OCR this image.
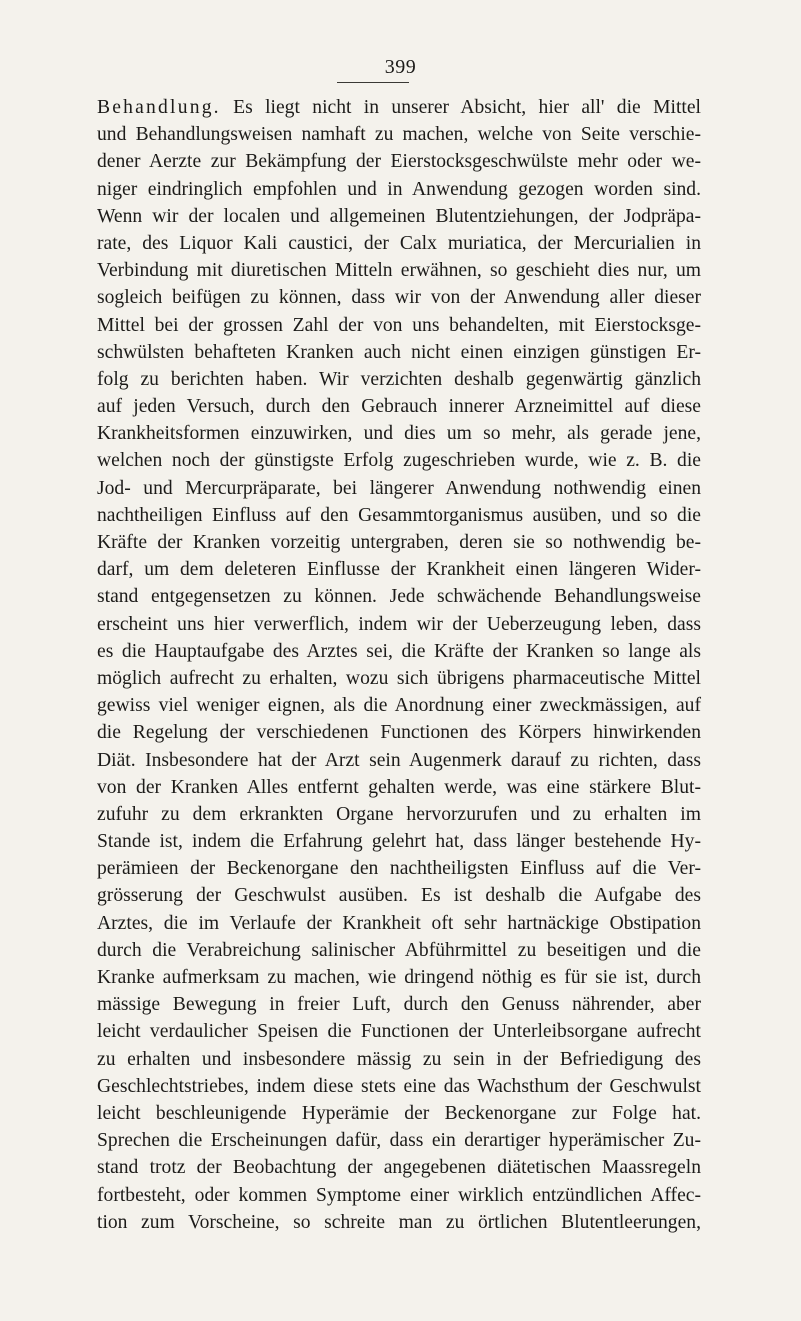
399
Behandlung. Es liegt nicht in unserer Absicht, hier all' die Mittel
und Behandlungsweisen namhaft zu machen, welche von Seite verschie-
dener Aerzte zur Bekämpfung der Eierstocksgeschwülste mehr oder we-
niger eindringlich empfohlen und in Anwendung gezogen worden sind.
Wenn wir der localen und allgemeinen Blutentziehungen, der Jodpräpa-
rate, des Liquor Kali caustici, der Calx muriatica, der Mercurialien in
Verbindung mit diuretischen Mitteln erwähnen, so geschieht dies nur, um
sogleich beifügen zu können, dass wir von der Anwendung aller dieser
Mittel bei der grossen Zahl der von uns behandelten, mit Eierstocksge-
schwülsten behafteten Kranken auch nicht einen einzigen günstigen Er-
folg zu berichten haben. Wir verzichten deshalb gegenwärtig gänzlich
auf jeden Versuch, durch den Gebrauch innerer Arzneimittel auf diese
Krankheitsformen einzuwirken, und dies um so mehr, als gerade jene,
welchen noch der günstigste Erfolg zugeschrieben wurde, wie z. B. die
Jod- und Mercurpräparate, bei längerer Anwendung nothwendig einen
nachtheiligen Einfluss auf den Gesammtorganismus ausüben, und so die
Kräfte der Kranken vorzeitig untergraben, deren sie so nothwendig be-
darf, um dem deleteren Einflusse der Krankheit einen längeren Wider-
stand entgegensetzen zu können. Jede schwächende Behandlungsweise
erscheint uns hier verwerflich, indem wir der Ueberzeugung leben, dass
es die Hauptaufgabe des Arztes sei, die Kräfte der Kranken so lange als
möglich aufrecht zu erhalten, wozu sich übrigens pharmaceutische Mittel
gewiss viel weniger eignen, als die Anordnung einer zweckmässigen, auf
die Regelung der verschiedenen Functionen des Körpers hinwirkenden
Diät. Insbesondere hat der Arzt sein Augenmerk darauf zu richten, dass
von der Kranken Alles entfernt gehalten werde, was eine stärkere Blut-
zufuhr zu dem erkrankten Organe hervorzurufen und zu erhalten im
Stande ist, indem die Erfahrung gelehrt hat, dass länger bestehende Hy-
perämieen der Beckenorgane den nachtheiligsten Einfluss auf die Ver-
grösserung der Geschwulst ausüben. Es ist deshalb die Aufgabe des
Arztes, die im Verlaufe der Krankheit oft sehr hartnäckige Obstipation
durch die Verabreichung salinischer Abführmittel zu beseitigen und die
Kranke aufmerksam zu machen, wie dringend nöthig es für sie ist, durch
mässige Bewegung in freier Luft, durch den Genuss nährender, aber
leicht verdaulicher Speisen die Functionen der Unterleibsorgane aufrecht
zu erhalten und insbesondere mässig zu sein in der Befriedigung des
Geschlechtstriebes, indem diese stets eine das Wachsthum der Geschwulst
leicht beschleunigende Hyperämie der Beckenorgane zur Folge hat.
Sprechen die Erscheinungen dafür, dass ein derartiger hyperämischer Zu-
stand trotz der Beobachtung der angegebenen diätetischen Maassregeln
fortbesteht, oder kommen Symptome einer wirklich entzündlichen Affec-
tion zum Vorscheine, so schreite man zu örtlichen Blutentleerungen,
